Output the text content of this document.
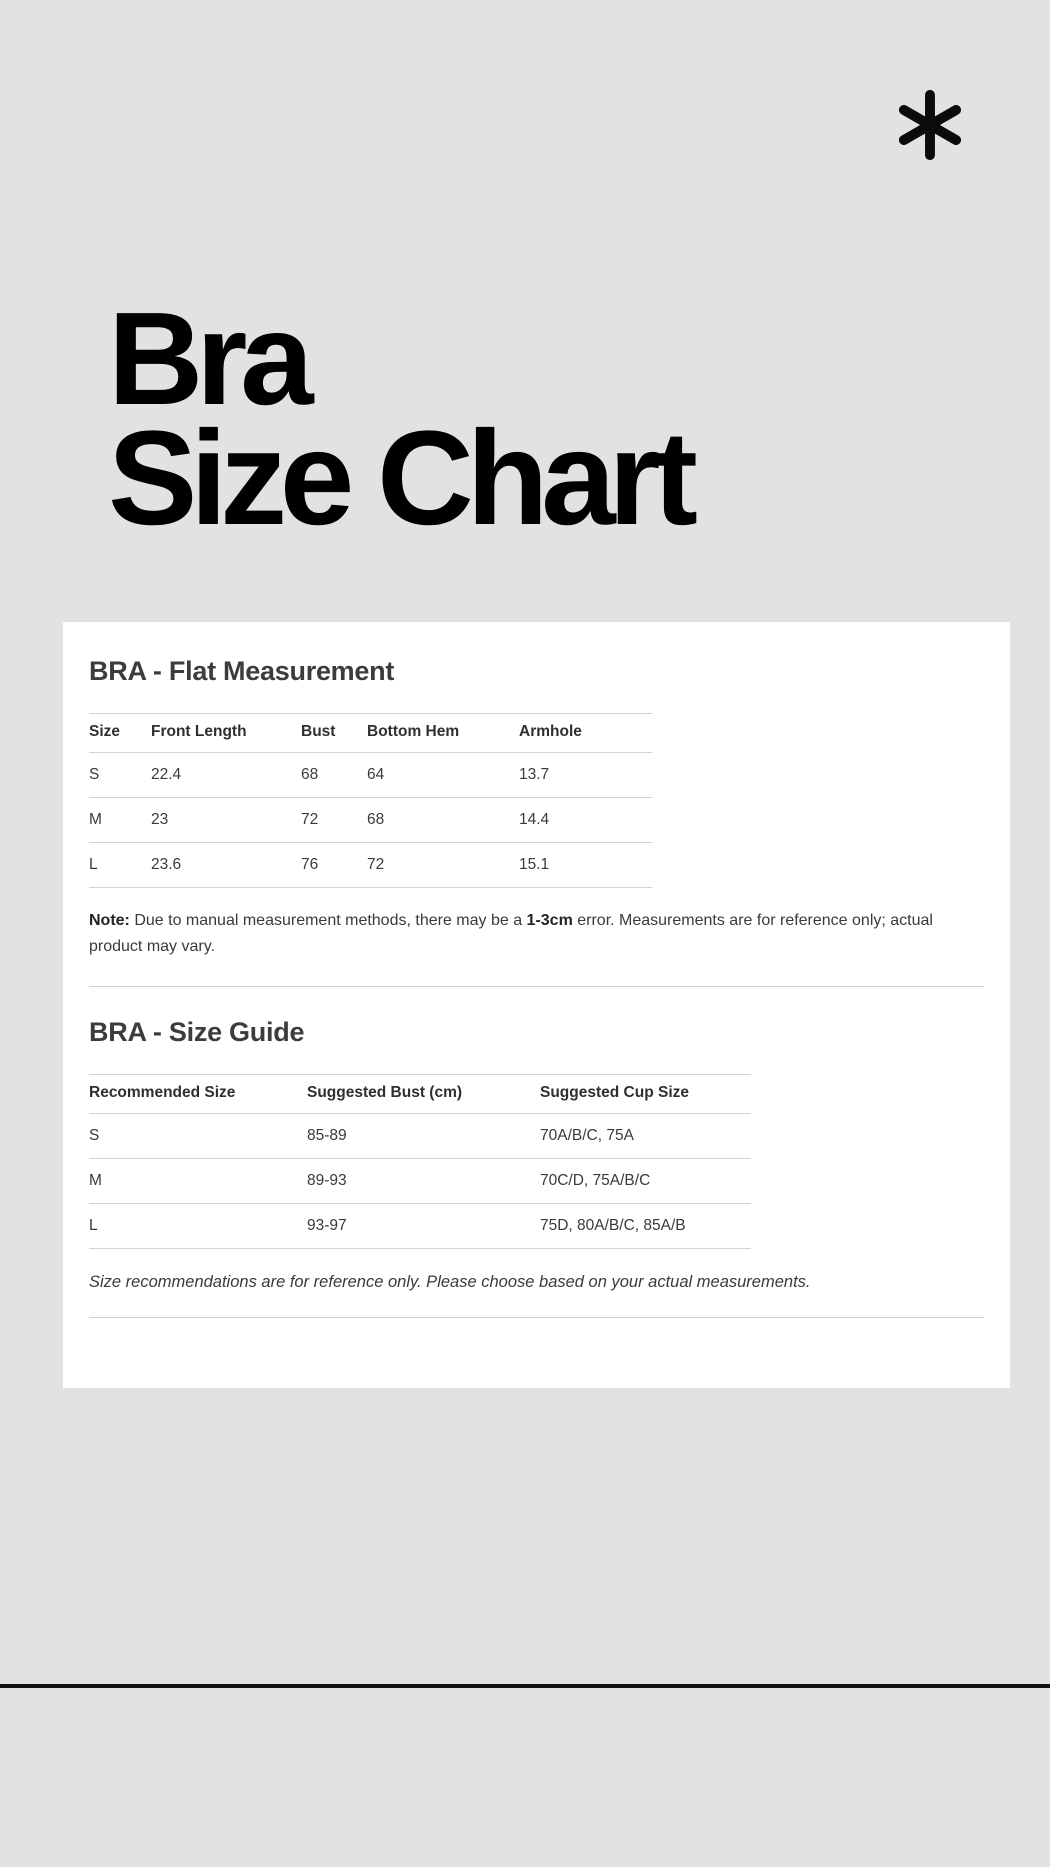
Bra
Size Chart
BRA - Flat Measurement
Size	Front Length	Bust	Bottom Hem	Armhole
S	22.4	68	64	13.7
M	23	72	68	14.4
L	23.6	76	72	15.1

Note: Due to manual measurement methods, there may be a 1-3cm error. Measurements are for reference only; actual product may vary.

BRA - Size Guide
Recommended Size	Suggested Bust (cm)	Suggested Cup Size
S	85-89	70A/B/C, 75A
M	89-93	70C/D, 75A/B/C
L	93-97	75D, 80A/B/C, 85A/B

Size recommendations are for reference only. Please choose based on your actual measurements.
